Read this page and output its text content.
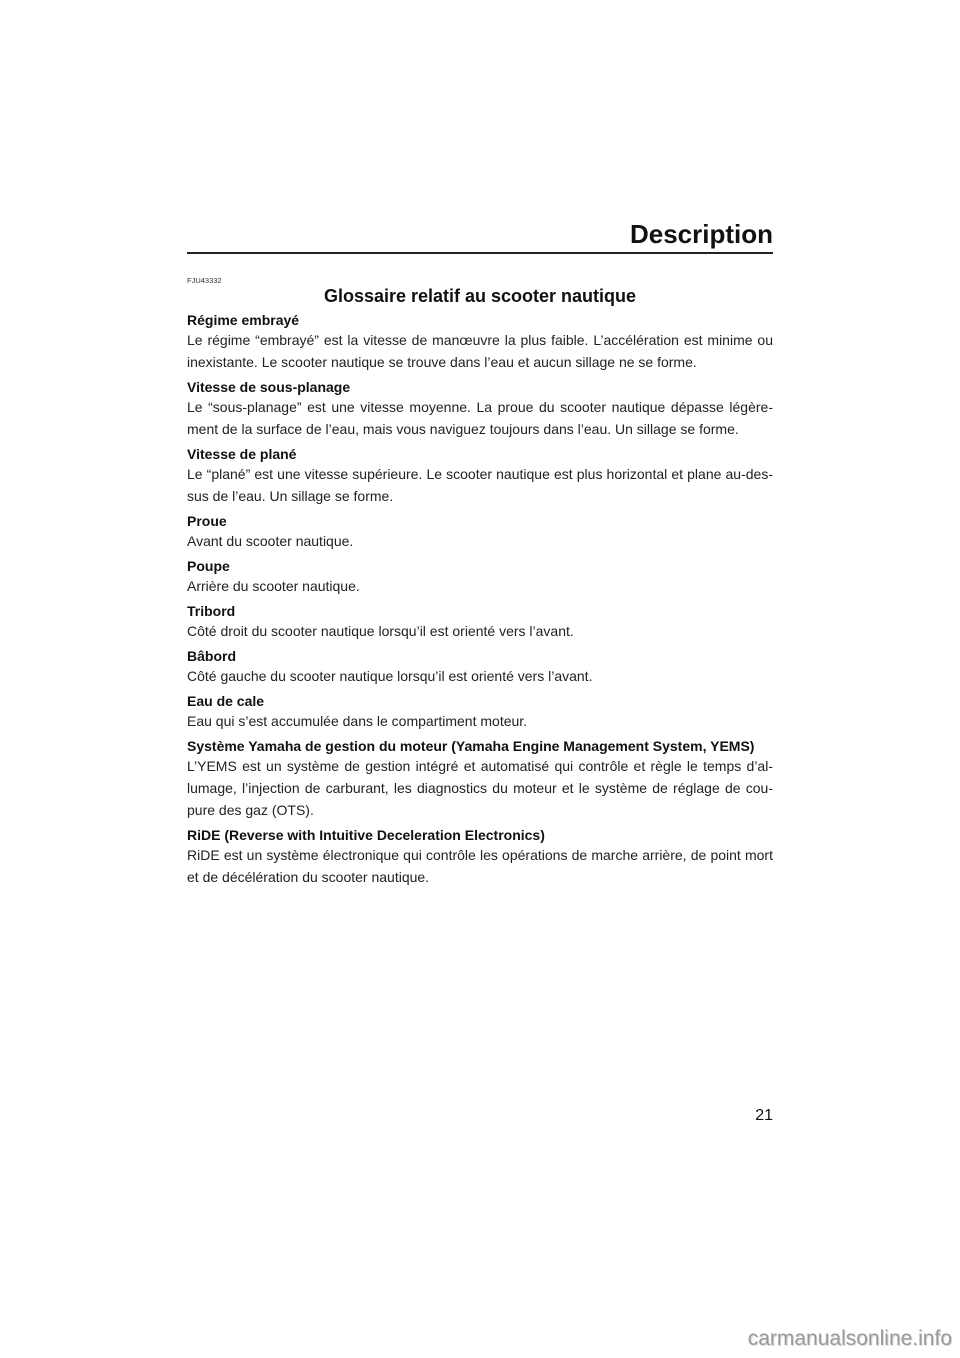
Description
FJU43332
Glossaire relatif au scooter nautique
Régime embrayé
Le régime “embrayé” est la vitesse de manœuvre la plus faible. L’accélération est minime ou inexistante. Le scooter nautique se trouve dans l’eau et aucun sillage ne se forme.
Vitesse de sous-planage
Le “sous-planage” est une vitesse moyenne. La proue du scooter nautique dépasse légèrement de la surface de l’eau, mais vous naviguez toujours dans l’eau. Un sillage se forme.
Vitesse de plané
Le “plané” est une vitesse supérieure. Le scooter nautique est plus horizontal et plane au-dessus de l’eau. Un sillage se forme.
Proue
Avant du scooter nautique.
Poupe
Arrière du scooter nautique.
Tribord
Côté droit du scooter nautique lorsqu’il est orienté vers l’avant.
Bâbord
Côté gauche du scooter nautique lorsqu’il est orienté vers l’avant.
Eau de cale
Eau qui s’est accumulée dans le compartiment moteur.
Système Yamaha de gestion du moteur (Yamaha Engine Management System, YEMS)
L’YEMS est un système de gestion intégré et automatisé qui contrôle et règle le temps d’allumage, l’injection de carburant, les diagnostics du moteur et le système de réglage de coupure des gaz (OTS).
RiDE (Reverse with Intuitive Deceleration Electronics)
RiDE est un système électronique qui contrôle les opérations de marche arrière, de point mort et de décélération du scooter nautique.
21
carmanualsonline.info
